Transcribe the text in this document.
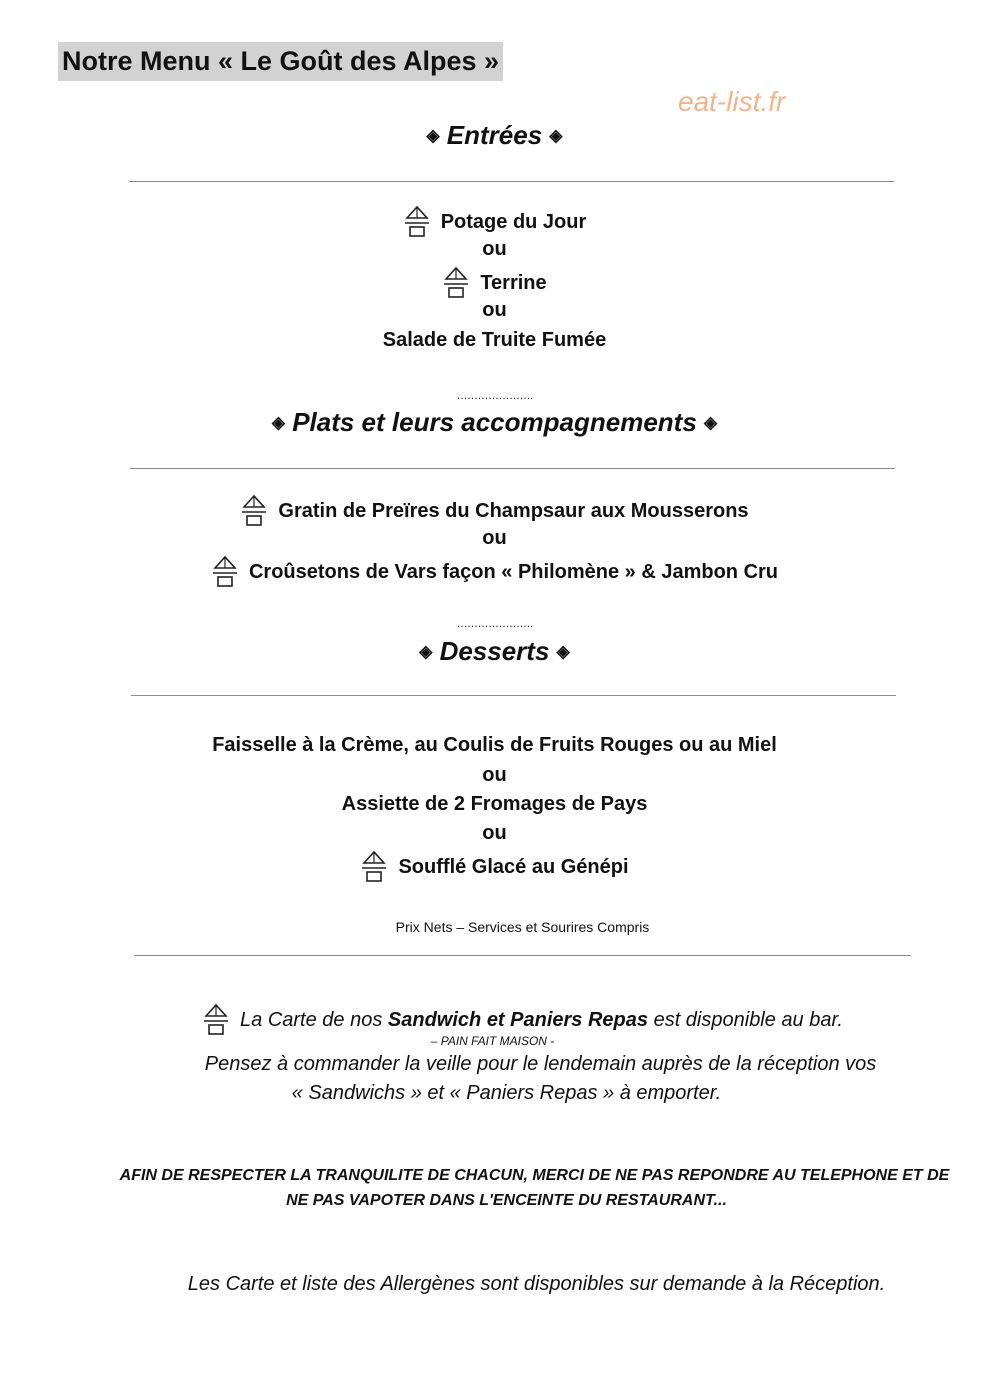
Notre Menu « Le Goût des Alpes »
eat-list.fr
◈ Entrées ◈
Potage du Jour
ou
Terrine
ou
Salade de Truite Fumée
………………….
◈ Plats et leurs accompagnements ◈
Gratin de Preïres du Champsaur aux Mousserons
ou
Croûsetons de Vars façon « Philomène » & Jambon Cru
………………….
◈ Desserts ◈
Faisselle à la Crème, au Coulis de Fruits Rouges ou au Miel
ou
Assiette de 2 Fromages de Pays
ou
Soufflé Glacé au Génépi
Prix Nets – Services et Sourires Compris
La Carte de nos Sandwich et Paniers Repas est disponible au bar.
– PAIN FAIT MAISON -
Pensez à commander la veille pour le lendemain auprès de la réception vos
« Sandwichs » et « Paniers Repas » à emporter.
AFIN DE RESPECTER LA TRANQUILITE DE CHACUN, MERCI DE NE PAS REPONDRE AU TELEPHONE ET DE
NE PAS VAPOTER DANS L'ENCEINTE DU RESTAURANT...
Les Carte et liste des Allergènes sont disponibles sur demande à la Réception.
